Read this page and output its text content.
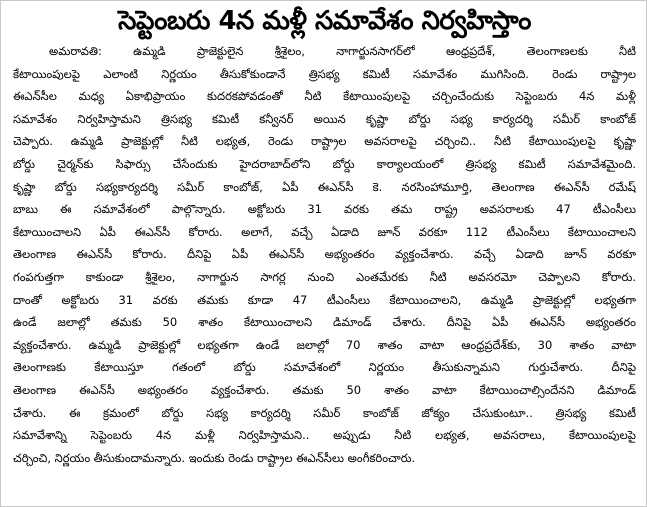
సెప్టెంబరు 4న మళ్లీ సమావేశం నిర్వహిస్తాం
అమరావతి: ఉమ్మడి ప్రాజెక్టులైన శ్రీశైలం, నాగార్జునసాగర్‌లో ఆంధ్రప్రదేశ్, తెలంగాణలకు నీటి
కేటాయింపులపై ఎలాంటి నిర్ణయం తీసుకోకుండానే త్రిసభ్య కమిటీ సమావేశం ముగిసింది. రెండు రాష్ట్రాల
ఈఎన్‌సీల మధ్య ఏకాభిప్రాయం కుదరకపోవడంతో నీటి కేటాయింపులపై చర్చించేందుకు సెప్టెంబరు 4న మళ్లీ
సమావేశం నిర్వహిస్తామని త్రిసభ్య కమిటీ కన్వీనర్ అయిన కృష్ణా బోర్డు సభ్య కార్యదర్శి సమీర్ కాంబోజ్
చెప్పారు. ఉమ్మడి ప్రాజెక్టుల్లో నీటి లభ్యత, రెండు రాష్ట్రాల అవసరాలపై చర్చించి.. నీటి కేటాయింపులపై కృష్ణా
బోర్డు చైర్మన్‌కు సిఫార్సు చేసేందుకు హైదరాబాద్‌లోని బోర్డు కార్యాలయంలో త్రిసభ్య కమిటీ సమావేశమైంది.
కృష్ణా బోర్డు సభ్యకార్యదర్శి సమీర్ కాంబోజ్, ఏపీ ఈఎన్‌సీ కె. నరసింహామూర్తి, తెలంగాణ ఈఎన్‌సీ రమేష్
బాబు ఈ సమావేశంలో పాల్గొన్నారు. అక్టోబరు 31 వరకు తమ రాష్ట్ర అవసరాలకు 47 టీఎంసీలు
కేటాయించాలని ఏపీ ఈఎన్‌సీ కోరారు. అలాగే, వచ్చే ఏడాది జూన్ వరకూ 112 టీఎంసీలు కేటాయించాలని
తెలంగాణ ఈఎన్‌సీ కోరారు. దీనిపై ఏపీ ఈఎన్‌సీ అభ్యంతరం వ్యక్తంచేశారు. వచ్చే ఏడాది జూన్ వరకూ
గంపగుత్తగా కాకుండా శ్రీశైలం, నాగార్జున సాగర్ల నుంచి ఎంతమేరకు నీటి అవసరమో చెప్పాలని కోరారు.
దాంతో అక్టోబరు 31 వరకు తమకు కూడా 47 టీఎంసీలు కేటాయించాలని, ఉమ్మడి ప్రాజెక్టుల్లో లభ్యతగా
ఉండే జలాల్లో తమకు 50 శాతం కేటాయించాలని డిమాండ్ చేశారు. దీనిపై ఏపీ ఈఎన్‌సీ అభ్యంతరం
వ్యక్తంచేశారు. ఉమ్మడి ప్రాజెక్టుల్లో లభ్యతగా ఉండే జలాల్లో 70 శాతం వాటా ఆంధ్రప్రదేశ్‌కు, 30 శాతం వాటా
తెలంగాణకు కేటాయిస్తూ గతంలో బోర్డు సమావేశంలో నిర్ణయం తీసుకున్నామని గుర్తుచేశారు. దీనిపై
తెలంగాణ ఈఎన్‌సీ అభ్యంతరం వ్యక్తంచేశారు. తమకు 50 శాతం వాటా కేటాయించాల్సిందేనని డిమాండ్
చేశారు. ఈ క్రమంలో బోర్డు సభ్య కార్యదర్శి సమీర్ కాంబోజ్ జోక్యం చేసుకుంటూ.. త్రిసభ్య కమిటీ
సమావేశాన్ని సెప్టెంబరు 4న మళ్లీ నిర్వహిస్తామని.. అప్పుడు నీటి లభ్యత, అవసరాలు, కేటాయింపులపై
చర్చించి, నిర్ణయం తీసుకుందామన్నారు. ఇందుకు రెండు రాష్ట్రాల ఈఎన్‌సీలు అంగీకరించారు.
